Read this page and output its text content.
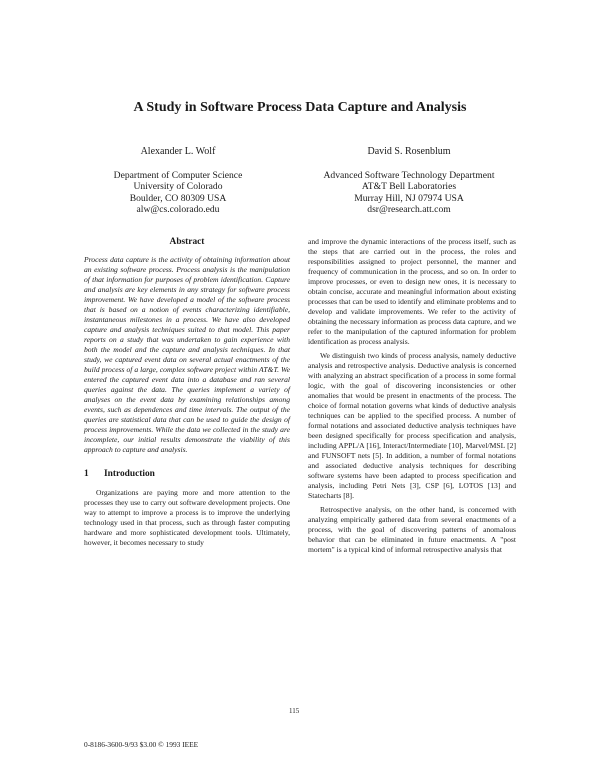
A Study in Software Process Data Capture and Analysis
Alexander L. Wolf
Department of Computer Science
University of Colorado
Boulder, CO 80309 USA
alw@cs.colorado.edu
David S. Rosenblum
Advanced Software Technology Department
AT&T Bell Laboratories
Murray Hill, NJ 07974 USA
dsr@research.att.com
Abstract

Process data capture is the activity of obtaining information about an existing software process. Process analysis is the manipulation of that information for purposes of problem identification. Capture and analysis are key elements in any strategy for software process improvement. We have developed a model of the software process that is based on a notion of events characterizing identifiable, instantaneous milestones in a process. We have also developed capture and analysis techniques suited to that model. This paper reports on a study that was undertaken to gain experience with both the model and the capture and analysis techniques. In that study, we captured event data on several actual enactments of the build process of a large, complex software project within AT&T. We entered the captured event data into a database and ran several queries against the data. The queries implement a variety of analyses on the event data by examining relationships among events, such as dependences and time intervals. The output of the queries are statistical data that can be used to guide the design of process improvements. While the data we collected in the study are incomplete, our initial results demonstrate the viability of this approach to capture and analysis.

1 Introduction

Organizations are paying more and more attention to the processes they use to carry out software development projects. One way to attempt to improve a process is to improve the underlying technology used in that process, such as through faster computing hardware and more sophisticated development tools. Ultimately, however, it becomes necessary to study

and improve the dynamic interactions of the process itself, such as the steps that are carried out in the process, the roles and responsibilities assigned to project personnel, the manner and frequency of communication in the process, and so on. In order to improve processes, or even to design new ones, it is necessary to obtain concise, accurate and meaningful information about existing processes that can be used to identify and eliminate problems and to develop and validate improvements. We refer to the activity of obtaining the necessary information as process data capture, and we refer to the manipulation of the captured information for problem identification as process analysis.

We distinguish two kinds of process analysis, namely deductive analysis and retrospective analysis. Deductive analysis is concerned with analyzing an abstract specification of a process in some formal logic, with the goal of discovering inconsistencies or other anomalies that would be present in enactments of the process. The choice of formal notation governs what kinds of deductive analysis techniques can be applied to the specified process. A number of formal notations and associated deductive analysis techniques have been designed specifically for process specification and analysis, including APPL/A [16], Interact/Intermediate [10], Marvel/MSL [2] and FUNSOFT nets [5]. In addition, a number of formal notations and associated deductive analysis techniques for describing software systems have been adapted to process specification and analysis, including Petri Nets [3], CSP [6], LOTOS [13] and Statecharts [8].

Retrospective analysis, on the other hand, is concerned with analyzing empirically gathered data from several enactments of a process, with the goal of discovering patterns of anomalous behavior that can be eliminated in future enactments. A "post mortem" is a typical kind of informal retrospective analysis that

115
0-8186-3600-9/93 $3.00 © 1993 IEEE
